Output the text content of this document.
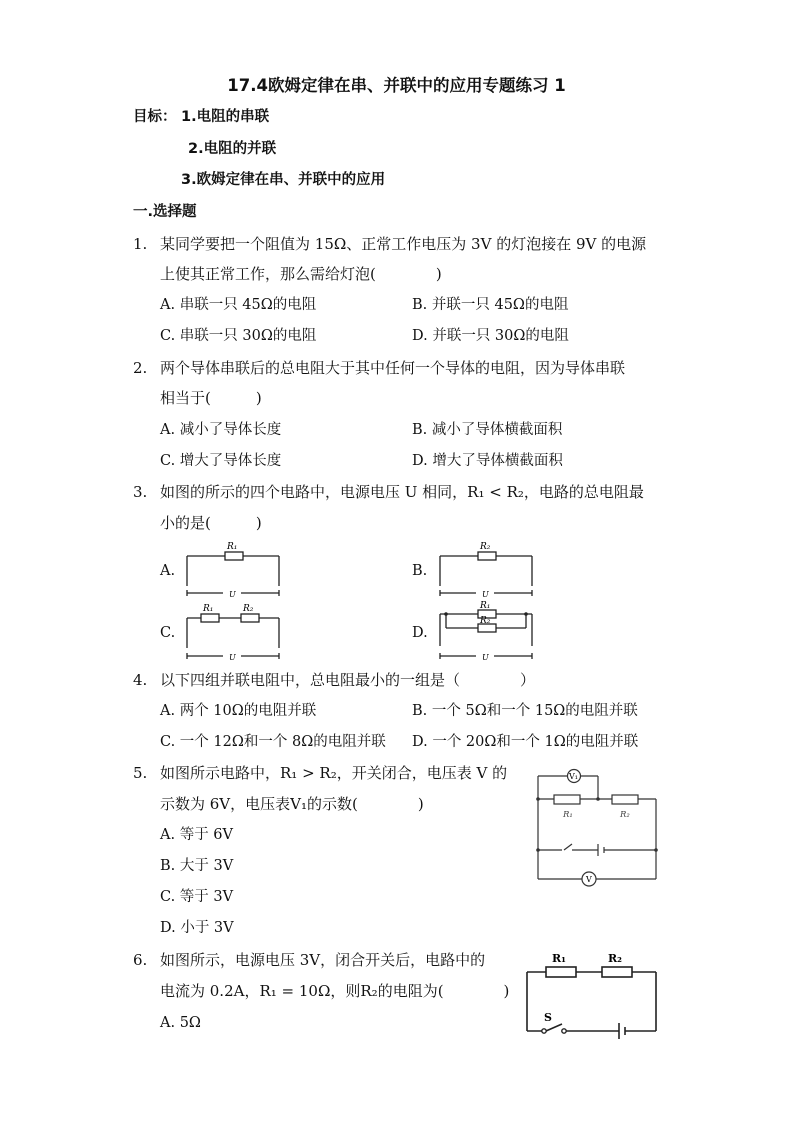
17.4欧姆定律在串、并联中的应用专题练习 1
目标： 1.电阻的串联
2.电阻的并联
3.欧姆定律在串、并联中的应用
一.选择题
1. 某同学要把一个阻值为 15Ω、正常工作电压为 3V 的灯泡接在 9V 的电源
上使其正常工作，那么需给灯泡(　　　　)
A. 串联一只 45Ω的电阻	B. 并联一只 45Ω的电阻
C. 串联一只 30Ω的电阻	D. 并联一只 30Ω的电阻
2. 两个导体串联后的总电阻大于其中任何一个导体的电阻，因为导体串联
相当于(　　　)
A. 减小了导体长度	B. 减小了导体横截面积
C. 增大了导体长度	D. 增大了导体横截面积
3. 如图的所示的四个电路中，电源电压 U 相同，R₁ < R₂，电路的总电阻最
小的是(　　　)
A.	B.
C.	D.
R₁
U
R₂
U
R₁	R₂
U
R₁
R₂
U
4. 以下四组并联电阻中，总电阻最小的一组是（　　　　）
A. 两个 10Ω的电阻并联	B. 一个 5Ω和一个 15Ω的电阻并联
C. 一个 12Ω和一个 8Ω的电阻并联 D. 一个 20Ω和一个 1Ω的电阻并联
5. 如图所示电路中，R₁ > R₂，开关闭合，电压表 V 的
示数为 6V，电压表V₁的示数(　　　　)
A. 等于 6V
B. 大于 3V
C. 等于 3V
D. 小于 3V
V₁
V
R₁	R₂
6. 如图所示，电源电压 3V，闭合开关后，电路中的
电流为 0.2A，R₁ = 10Ω，则R₂的电阻为(　　　　)
A. 5Ω
R₁	R₂
S
